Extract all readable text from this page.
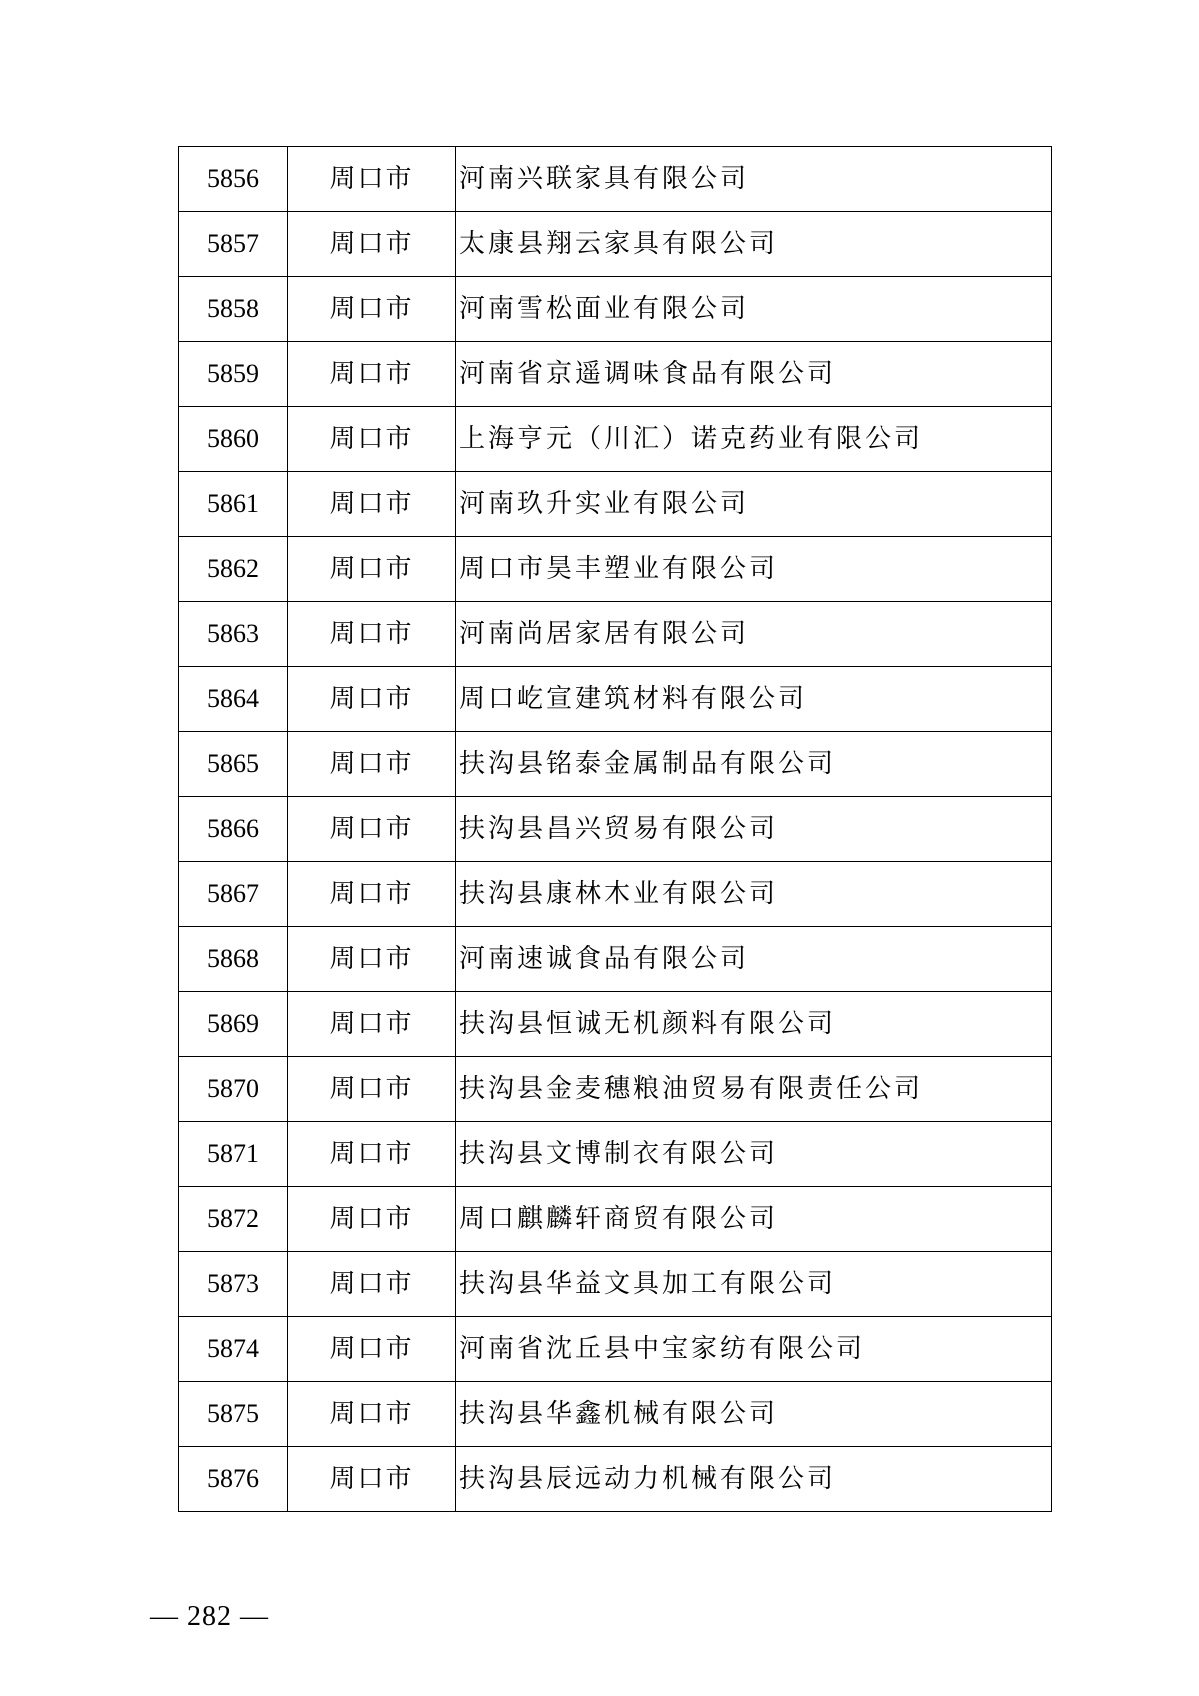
5856	周口市	河南兴联家具有限公司
5857	周口市	太康县翔云家具有限公司
5858	周口市	河南雪松面业有限公司
5859	周口市	河南省京遥调味食品有限公司
5860	周口市	上海亨元（川汇）诺克药业有限公司
5861	周口市	河南玖升实业有限公司
5862	周口市	周口市昊丰塑业有限公司
5863	周口市	河南尚居家居有限公司
5864	周口市	周口屹宣建筑材料有限公司
5865	周口市	扶沟县铭泰金属制品有限公司
5866	周口市	扶沟县昌兴贸易有限公司
5867	周口市	扶沟县康林木业有限公司
5868	周口市	河南速诚食品有限公司
5869	周口市	扶沟县恒诚无机颜料有限公司
5870	周口市	扶沟县金麦穗粮油贸易有限责任公司
5871	周口市	扶沟县文博制衣有限公司
5872	周口市	周口麒麟轩商贸有限公司
5873	周口市	扶沟县华益文具加工有限公司
5874	周口市	河南省沈丘县中宝家纺有限公司
5875	周口市	扶沟县华鑫机械有限公司
5876	周口市	扶沟县辰远动力机械有限公司
— 282 —
